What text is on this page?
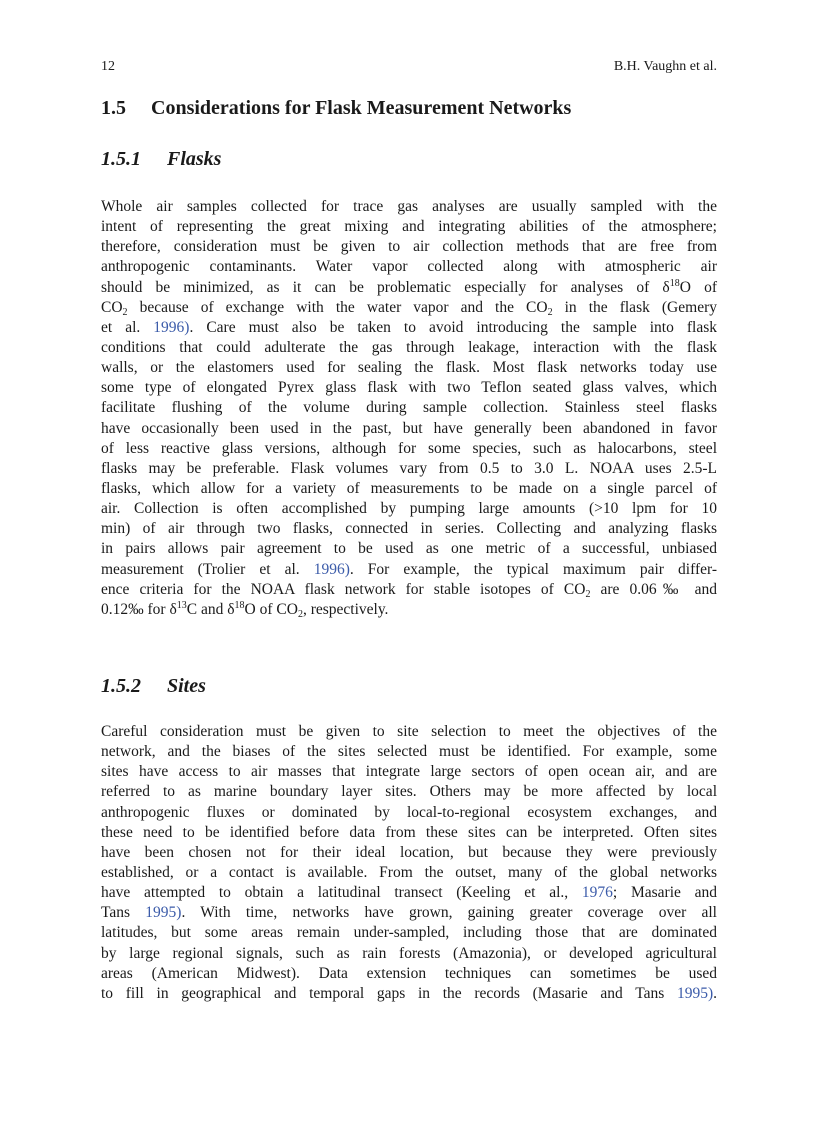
12	B.H. Vaughn et al.
1.5 Considerations for Flask Measurement Networks
1.5.1 Flasks
Whole air samples collected for trace gas analyses are usually sampled with the
intent of representing the great mixing and integrating abilities of the atmosphere;
therefore, consideration must be given to air collection methods that are free from
anthropogenic contaminants. Water vapor collected along with atmospheric air
should be minimized, as it can be problematic especially for analyses of $\delta^{18}O$ of
$CO_2$ because of exchange with the water vapor and the $CO_2$ in the flask (Gemery
et al. 1996). Care must also be taken to avoid introducing the sample into flask
conditions that could adulterate the gas through leakage, interaction with the flask
walls, or the elastomers used for sealing the flask. Most flask networks today use
some type of elongated Pyrex glass flask with two Teflon seated glass valves, which
facilitate flushing of the volume during sample collection. Stainless steel flasks
have occasionally been used in the past, but have generally been abandoned in favor
of less reactive glass versions, although for some species, such as halocarbons, steel
flasks may be preferable. Flask volumes vary from 0.5 to 3.0 L. NOAA uses 2.5-L
flasks, which allow for a variety of measurements to be made on a single parcel of
air. Collection is often accomplished by pumping large amounts (>10 lpm for 10
min) of air through two flasks, connected in series. Collecting and analyzing flasks
in pairs allows pair agreement to be used as one metric of a successful, unbiased
measurement (Trolier et al. 1996). For example, the typical maximum pair differ-
ence criteria for the NOAA flask network for stable isotopes of $CO_2$ are 0.06‰ and
0.12‰ for $\delta^{13}C$ and $\delta^{18}O$ of $CO_2$, respectively.
1.5.2 Sites
Careful consideration must be given to site selection to meet the objectives of the
network, and the biases of the sites selected must be identified. For example, some
sites have access to air masses that integrate large sectors of open ocean air, and are
referred to as marine boundary layer sites. Others may be more affected by local
anthropogenic fluxes or dominated by local-to-regional ecosystem exchanges, and
these need to be identified before data from these sites can be interpreted. Often sites
have been chosen not for their ideal location, but because they were previously
established, or a contact is available. From the outset, many of the global networks
have attempted to obtain a latitudinal transect (Keeling et al., 1976; Masarie and
Tans 1995). With time, networks have grown, gaining greater coverage over all
latitudes, but some areas remain under-sampled, including those that are dominated
by large regional signals, such as rain forests (Amazonia), or developed agricultural
areas (American Midwest). Data extension techniques can sometimes be used
to fill in geographical and temporal gaps in the records (Masarie and Tans 1995).
